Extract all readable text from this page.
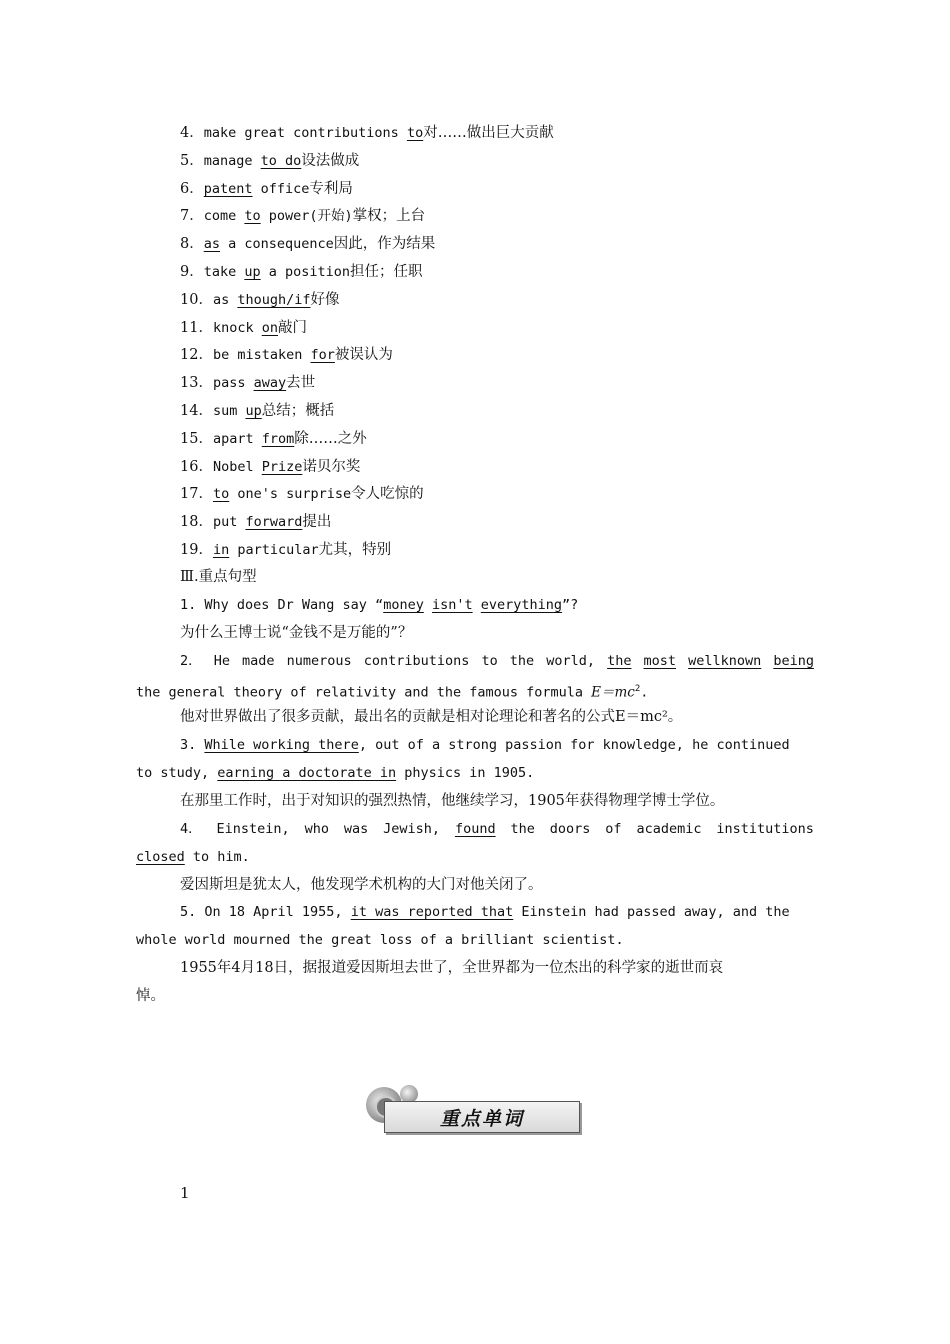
4．make great contributions to对……做出巨大贡献
5．manage to do设法做成
6．patent office专利局
7．come to power(开始)掌权；上台
8．as a consequence因此，作为结果
9．take up a position担任；任职
10．as though/if好像
11．knock on敲门
12．be mistaken for被误认为
13．pass away去世
14．sum up总结；概括
15．apart from除……之外
16．Nobel Prize诺贝尔奖
17．to one's surprise令人吃惊的
18．put forward提出
19．in particular尤其，特别
Ⅲ.重点句型
1. Why does Dr Wang say “money isn't everything”?
为什么王博士说“金钱不是万能的”？
2． He made numerous contributions to the world, the most wellknown being
the general theory of relativity and the famous formula $E=mc^2$.
他对世界做出了很多贡献，最出名的贡献是相对论理论和著名的公式E＝mc²。
3. While working there, out of a strong passion for knowledge, he continued
to study, earning a doctorate in physics in 1905.
在那里工作时，出于对知识的强烈热情，他继续学习，1905年获得物理学博士学位。
4． Einstein, who was Jewish, found the doors of academic institutions
closed to him.
爱因斯坦是犹太人，他发现学术机构的大门对他关闭了。
5. On 18 April 1955, it was reported that Einstein had passed away, and the
whole world mourned the great loss of a brilliant scientist.
1955年4月18日，据报道爱因斯坦去世了，全世界都为一位杰出的科学家的逝世而哀
悼。
重点单词
1
